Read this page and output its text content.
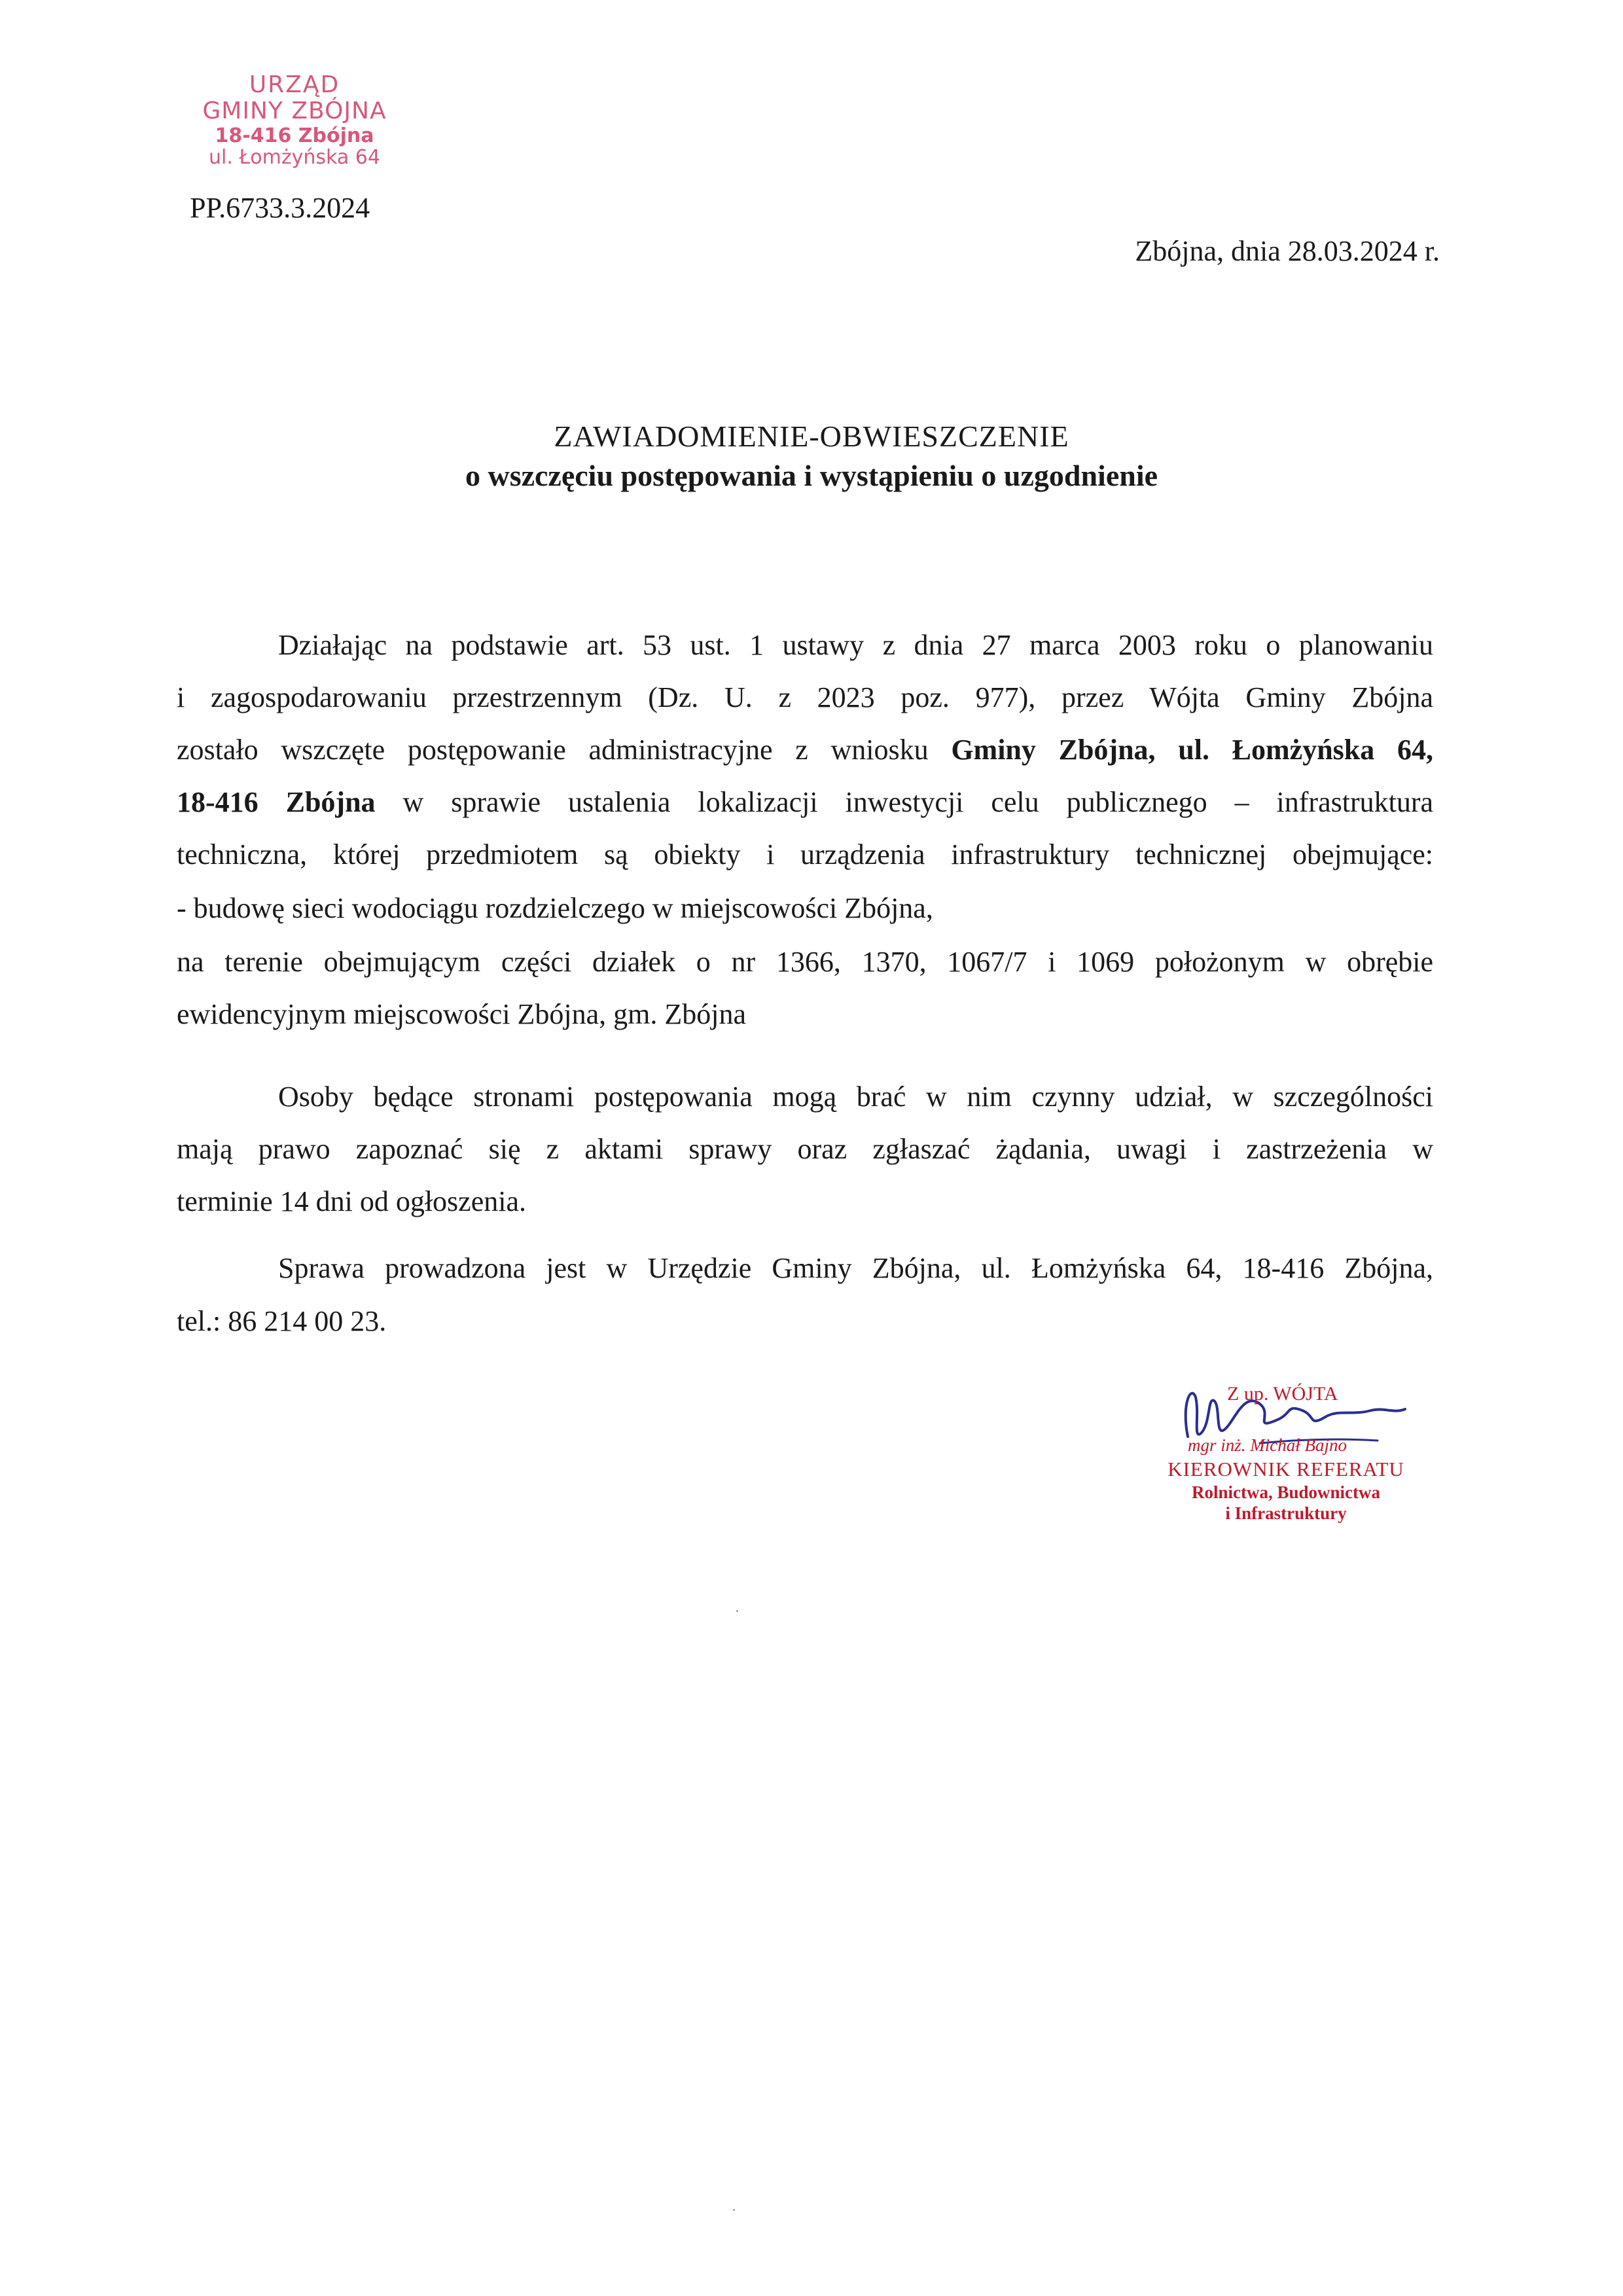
URZĄD
GMINY ZBÓJNA
18-416 Zbójna
ul. Łomżyńska 64
PP.6733.3.2024
Zbójna, dnia 28.03.2024 r.
ZAWIADOMIENIE-OBWIESZCZENIE
o wszczęciu postępowania i wystąpieniu o uzgodnienie
Działając na podstawie art. 53 ust. 1 ustawy z dnia 27 marca 2003 roku o planowaniu
i zagospodarowaniu przestrzennym (Dz. U. z 2023 poz. 977), przez Wójta Gminy Zbójna
zostało wszczęte postępowanie administracyjne z wniosku Gminy Zbójna, ul. Łomżyńska 64,
18-416 Zbójna w sprawie ustalenia lokalizacji inwestycji celu publicznego – infrastruktura
techniczna, której przedmiotem są obiekty i urządzenia infrastruktury technicznej obejmujące:
- budowę sieci wodociągu rozdzielczego w miejscowości Zbójna,
na terenie obejmującym części działek o nr 1366, 1370, 1067/7 i 1069 położonym w obrębie
ewidencyjnym miejscowości Zbójna, gm. Zbójna
Osoby będące stronami postępowania mogą brać w nim czynny udział, w szczególności
mają prawo zapoznać się z aktami sprawy oraz zgłaszać żądania, uwagi i zastrzeżenia w
terminie 14 dni od ogłoszenia.
Sprawa prowadzona jest w Urzędzie Gminy Zbójna, ul. Łomżyńska 64, 18-416 Zbójna,
tel.: 86 214 00 23.
Z up. WÓJTA
mgr inż. Michał Bajno
KIEROWNIK REFERATU
Rolnictwa, Budownictwa
i Infrastruktury
